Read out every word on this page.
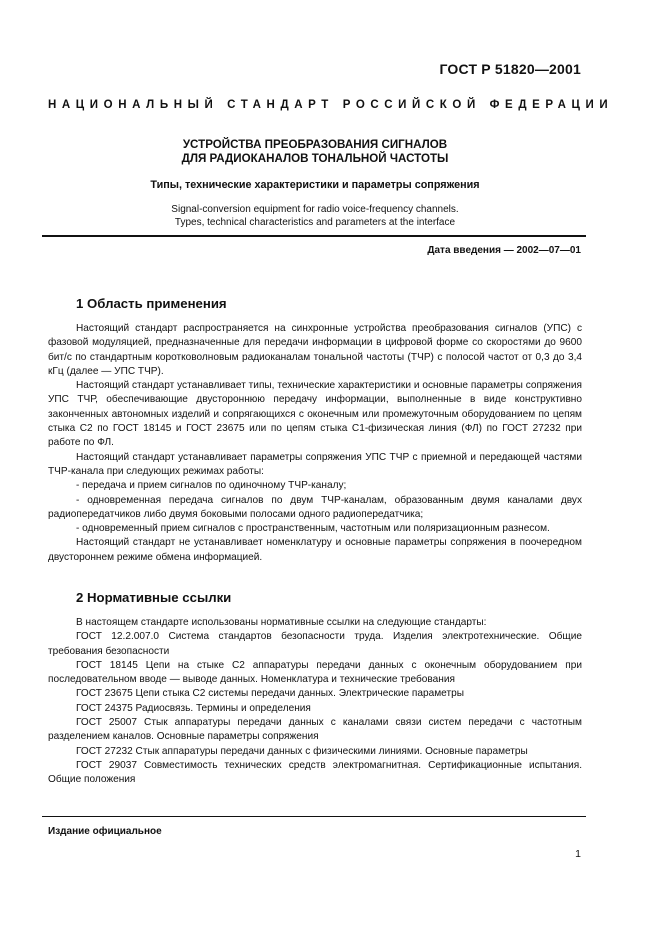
ГОСТ Р 51820—2001
НАЦИОНАЛЬНЫЙ СТАНДАРТ РОССИЙСКОЙ ФЕДЕРАЦИИ
УСТРОЙСТВА ПРЕОБРАЗОВАНИЯ СИГНАЛОВ
ДЛЯ РАДИОКАНАЛОВ ТОНАЛЬНОЙ ЧАСТОТЫ
Типы, технические характеристики и параметры сопряжения
Signal-conversion equipment for radio voice-frequency channels.
Types, technical characteristics and parameters at the interface
Дата введения — 2002—07—01
1 Область применения

Настоящий стандарт распространяется на синхронные устройства преобразования сигналов (УПС) с фазовой модуляцией, предназначенные для передачи информации в цифровой форме со скоростями до 9600 бит/с по стандартным коротковолновым радиоканалам тональной частоты (ТЧР) с полосой частот от 0,3 до 3,4 кГц (далее — УПС ТЧР).

Настоящий стандарт устанавливает типы, технические характеристики и основные параметры сопряжения УПС ТЧР, обеспечивающие двустороннюю передачу информации, выполненные в виде конструктивно законченных автономных изделий и сопрягающихся с оконечным или промежуточным оборудованием по цепям стыка С2 по ГОСТ 18145 и ГОСТ 23675 или по цепям стыка С1-физическая линия (ФЛ) по ГОСТ 27232 при работе по ФЛ.

Настоящий стандарт устанавливает параметры сопряжения УПС ТЧР с приемной и передающей частями ТЧР-канала при следующих режимах работы:

- передача и прием сигналов по одиночному ТЧР-каналу;

- одновременная передача сигналов по двум ТЧР-каналам, образованным двумя каналами двух радиопередатчиков либо двумя боковыми полосами одного радиопередатчика;

- одновременный прием сигналов с пространственным, частотным или поляризационным разнесом.

Настоящий стандарт не устанавливает номенклатуру и основные параметры сопряжения в поочередном двустороннем режиме обмена информацией.

2 Нормативные ссылки

В настоящем стандарте использованы нормативные ссылки на следующие стандарты:

ГОСТ 12.2.007.0 Система стандартов безопасности труда. Изделия электротехнические. Общие требования безопасности

ГОСТ 18145 Цепи на стыке С2 аппаратуры передачи данных с оконечным оборудованием при последовательном вводе — выводе данных. Номенклатура и технические требования

ГОСТ 23675 Цепи стыка С2 системы передачи данных. Электрические параметры

ГОСТ 24375 Радиосвязь. Термины и определения

ГОСТ 25007 Стык аппаратуры передачи данных с каналами связи систем передачи с частотным разделением каналов. Основные параметры сопряжения

ГОСТ 27232 Стык аппаратуры передачи данных с физическими линиями. Основные параметры

ГОСТ 29037 Совместимость технических средств электромагнитная. Сертификационные испытания. Общие положения

Издание официальное
1
